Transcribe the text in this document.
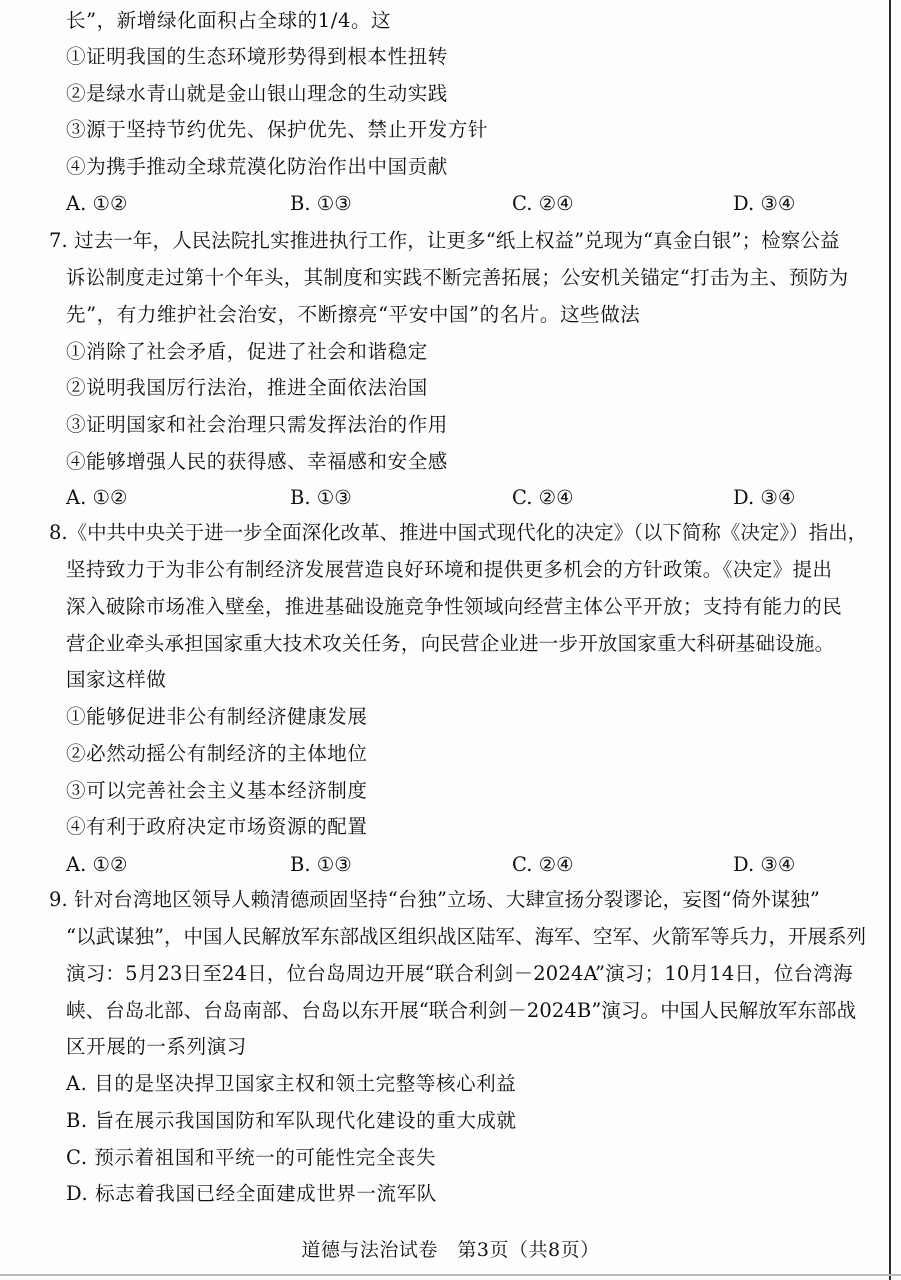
长”，新增绿化面积占全球的1/4。这
①证明我国的生态环境形势得到根本性扭转
②是绿水青山就是金山银山理念的生动实践
③源于坚持节约优先、保护优先、禁止开发方针
④为携手推动全球荒漠化防治作出中国贡献
A. ①②	B. ①③	C. ②④	D. ③④
7. 过去一年，人民法院扎实推进执行工作，让更多“纸上权益”兑现为“真金白银”；检察公益
诉讼制度走过第十个年头，其制度和实践不断完善拓展；公安机关锚定“打击为主、预防为
先”，有力维护社会治安，不断擦亮“平安中国”的名片。这些做法
①消除了社会矛盾，促进了社会和谐稳定
②说明我国厉行法治，推进全面依法治国
③证明国家和社会治理只需发挥法治的作用
④能够增强人民的获得感、幸福感和安全感
A. ①②	B. ①③	C. ②④	D. ③④
8.《中共中央关于进一步全面深化改革、推进中国式现代化的决定》（以下简称《决定》）指出，
坚持致力于为非公有制经济发展营造良好环境和提供更多机会的方针政策。《决定》提出
深入破除市场准入壁垒，推进基础设施竞争性领域向经营主体公平开放；支持有能力的民
营企业牵头承担国家重大技术攻关任务，向民营企业进一步开放国家重大科研基础设施。
国家这样做
①能够促进非公有制经济健康发展
②必然动摇公有制经济的主体地位
③可以完善社会主义基本经济制度
④有利于政府决定市场资源的配置
A. ①②	B. ①③	C. ②④	D. ③④
9. 针对台湾地区领导人赖清德顽固坚持“台独”立场、大肆宣扬分裂谬论，妄图“倚外谋独”
“以武谋独”，中国人民解放军东部战区组织战区陆军、海军、空军、火箭军等兵力，开展系列
演习：5月23日至24日，位台岛周边开展“联合利剑－2024A”演习；10月14日，位台湾海
峡、台岛北部、台岛南部、台岛以东开展“联合利剑－2024B”演习。中国人民解放军东部战
区开展的一系列演习
A. 目的是坚决捍卫国家主权和领土完整等核心利益
B. 旨在展示我国国防和军队现代化建设的重大成就
C. 预示着祖国和平统一的可能性完全丧失
D. 标志着我国已经全面建成世界一流军队
道德与法治试卷　第3页（共8页）
